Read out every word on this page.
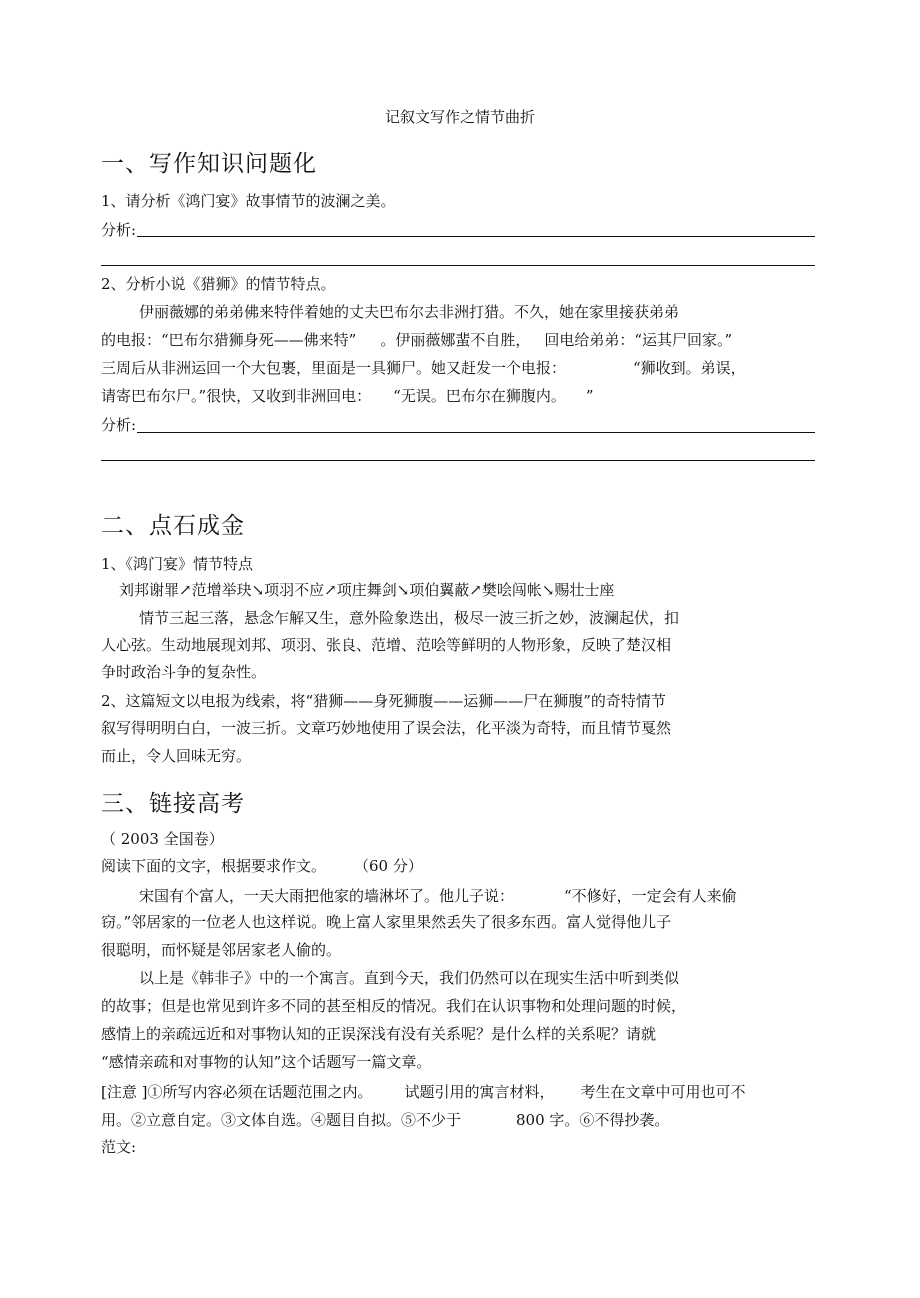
记叙文写作之情节曲折
一、写作知识问题化
1、请分析《鸿门宴》故事情节的波澜之美。
分析:
2、分析小说《猎狮》的情节特点。
伊丽薇娜的弟弟佛来特伴着她的丈夫巴布尔去非洲打猎。不久，她在家里接获弟弟
的电报：“巴布尔猎狮身死——佛来特” 。伊丽薇娜蜚不自胜， 回电给弟弟：“运其尸回家。”
三周后从非洲运回一个大包裹，里面是一具狮尸。她又赶发一个电报：	“狮收到。弟误，
请寄巴布尔尸。”很快，又收到非洲回电： “无误。巴布尔在狮腹内。 ”
分析:
二、点石成金
1、《鸿门宴》情节特点
刘邦谢罪↗范增举玦↘项羽不应↗项庄舞剑↘项伯翼蔽↗樊哙闯帐↘赐壮士座
情节三起三落，悬念乍解又生，意外险象迭出，极尽一波三折之妙，波澜起伏，扣
人心弦。生动地展现刘邦、项羽、张良、范增、范哙等鲜明的人物形象，反映了楚汉相
争时政治斗争的复杂性。
2、这篇短文以电报为线索，将“猎狮——身死狮腹——运狮——尸在狮腹”的奇特情节
叙写得明明白白，一波三折。文章巧妙地使用了误会法，化平淡为奇特，而且情节戛然
而止，令人回味无穷。
三、链接高考
（ 2003 全国卷）
阅读下面的文字，根据要求作文。 （60 分）
宋国有个富人，一天大雨把他家的墙淋坏了。他儿子说：	“不修好，一定会有人来偷
窃。”邻居家的一位老人也这样说。晚上富人家里果然丢失了很多东西。富人觉得他儿子
很聪明，而怀疑是邻居家老人偷的。
以上是《韩非子》中的一个寓言。直到今天，我们仍然可以在现实生活中听到类似
的故事；但是也常见到许多不同的甚至相反的情况。我们在认识事物和处理问题的时候，
感情上的亲疏远近和对事物认知的正误深浅有没有关系呢？是什么样的关系呢？请就
“感情亲疏和对事物的认知”这个话题写一篇文章。
[注意 ]①所写内容必须在话题范围之内。 试题引用的寓言材料， 考生在文章中可用也可不
用。②立意自定。③文体自选。④题目自拟。⑤不少于	800 字。⑥不得抄袭。
范文:
